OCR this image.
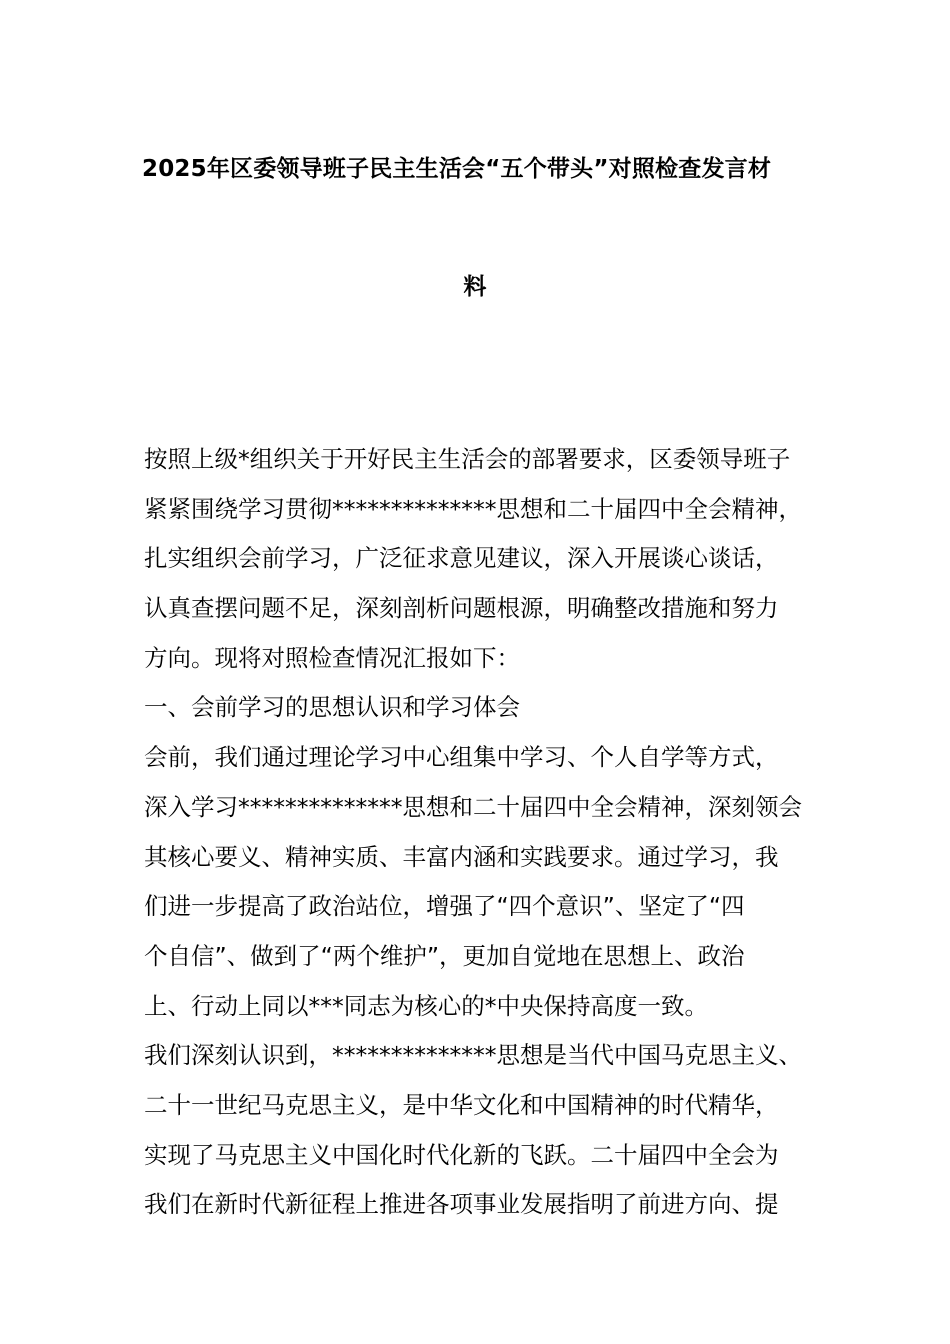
2025年区委领导班子民主生活会“五个带头”对照检查发言材
料
按照上级*组织关于开好民主生活会的部署要求，区委领导班子
紧紧围绕学习贯彻**************思想和二十届四中全会精神，
扎实组织会前学习，广泛征求意见建议，深入开展谈心谈话，
认真查摆问题不足，深刻剖析问题根源，明确整改措施和努力
方向。现将对照检查情况汇报如下：
一、会前学习的思想认识和学习体会
会前，我们通过理论学习中心组集中学习、个人自学等方式，
深入学习**************思想和二十届四中全会精神，深刻领会
其核心要义、精神实质、丰富内涵和实践要求。通过学习，我
们进一步提高了政治站位，增强了“四个意识”、坚定了“四
个自信”、做到了“两个维护”，更加自觉地在思想上、政治
上、行动上同以***同志为核心的*中央保持高度一致。
我们深刻认识到，**************思想是当代中国马克思主义、
二十一世纪马克思主义，是中华文化和中国精神的时代精华，
实现了马克思主义中国化时代化新的飞跃。二十届四中全会为
我们在新时代新征程上推进各项事业发展指明了前进方向、提
